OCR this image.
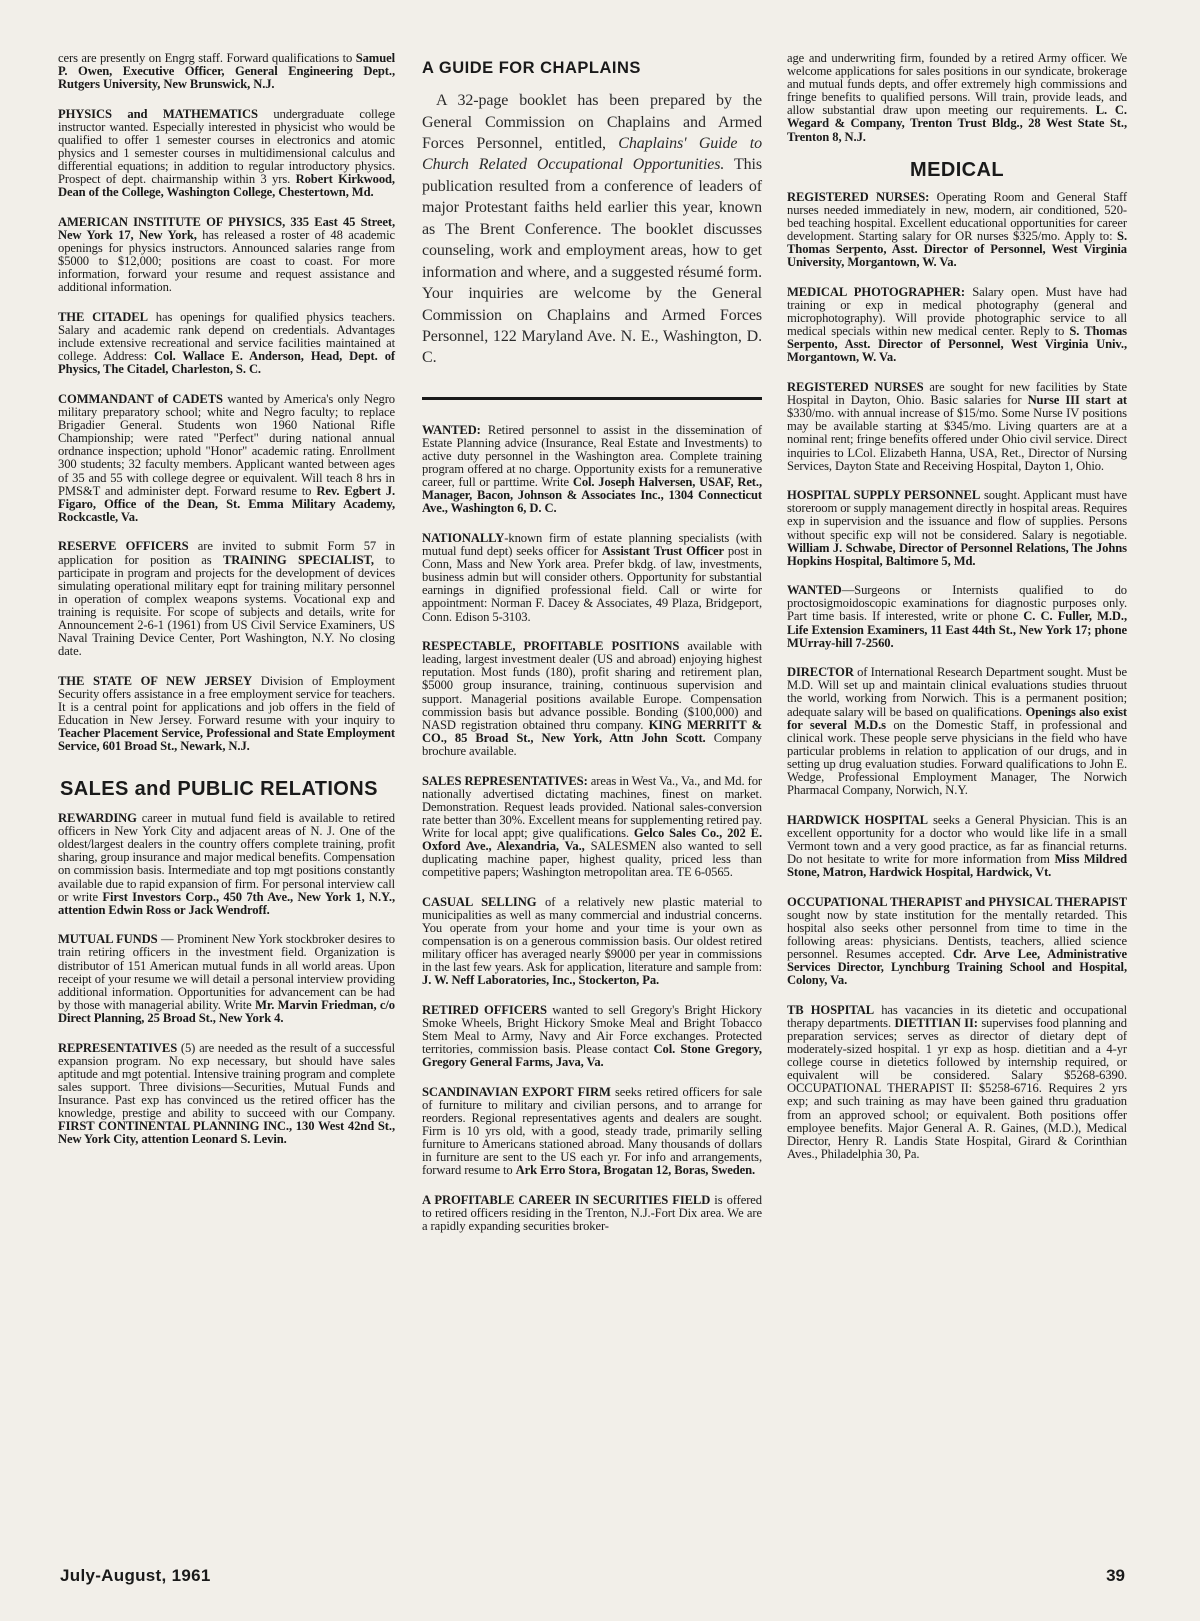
cers are presently on Engrg staff. Forward qualifications to Samuel P. Owen, Executive Officer, General Engineering Dept., Rutgers University, New Brunswick, N.J.

PHYSICS and MATHEMATICS undergraduate college instructor wanted. Especially interested in physicist who would be qualified to offer 1 semester courses in electronics and atomic physics and 1 semester courses in multidimensional calculus and differential equations; in addition to regular introductory physics. Prospect of dept. chairmanship within 3 yrs. Robert Kirkwood, Dean of the College, Washington College, Chestertown, Md.

AMERICAN INSTITUTE OF PHYSICS, 335 East 45 Street, New York 17, New York, has released a roster of 48 academic openings for physics instructors. Announced salaries range from $5000 to $12,000; positions are coast to coast. For more information, forward your resume and request assistance and additional information.

THE CITADEL has openings for qualified physics teachers. Salary and academic rank depend on credentials. Advantages include extensive recreational and service facilities maintained at college. Address: Col. Wallace E. Anderson, Head, Dept. of Physics, The Citadel, Charleston, S. C.

COMMANDANT of CADETS wanted by America's only Negro military preparatory school; white and Negro faculty; to replace Brigadier General. Students won 1960 National Rifle Championship; were rated "Perfect" during national annual ordnance inspection; uphold "Honor" academic rating. Enrollment 300 students; 32 faculty members. Applicant wanted between ages of 35 and 55 with college degree or equivalent. Will teach 8 hrs in PMS&T and administer dept. Forward resume to Rev. Egbert J. Figaro, Office of the Dean, St. Emma Military Academy, Rockcastle, Va.

RESERVE OFFICERS are invited to submit Form 57 in application for position as TRAINING SPECIALIST, to participate in program and projects for the development of devices simulating operational military eqpt for training military personnel in operation of complex weapons systems. Vocational exp and training is requisite. For scope of subjects and details, write for Announcement 2-6-1 (1961) from US Civil Service Examiners, US Naval Training Device Center, Port Washington, N.Y. No closing date.

THE STATE OF NEW JERSEY Division of Employment Security offers assistance in a free employment service for teachers. It is a central point for applications and job offers in the field of Education in New Jersey. Forward resume with your inquiry to Teacher Placement Service, Professional and State Employment Service, 601 Broad St., Newark, N.J.

SALES and PUBLIC RELATIONS

REWARDING career in mutual fund field is available to retired officers in New York City and adjacent areas of N. J. One of the oldest/largest dealers in the country offers complete training, profit sharing, group insurance and major medical benefits. Compensation on commission basis. Intermediate and top mgt positions constantly available due to rapid expansion of firm. For personal interview call or write First Investors Corp., 450 7th Ave., New York 1, N.Y., attention Edwin Ross or Jack Wendroff.

MUTUAL FUNDS — Prominent New York stockbroker desires to train retiring officers in the investment field. Organization is distributor of 151 American mutual funds in all world areas. Upon receipt of your resume we will detail a personal interview providing additional information. Opportunities for advancement can be had by those with managerial ability. Write Mr. Marvin Friedman, c/o Direct Planning, 25 Broad St., New York 4.

REPRESENTATIVES (5) are needed as the result of a successful expansion program. No exp necessary, but should have sales aptitude and mgt potential. Intensive training program and complete sales support. Three divisions—Securities, Mutual Funds and Insurance. Past exp has convinced us the retired officer has the knowledge, prestige and ability to succeed with our Company. FIRST CONTINENTAL PLANNING INC., 130 West 42nd St., New York City, attention Leonard S. Levin.

A GUIDE FOR CHAPLAINS
A 32-page booklet has been prepared by the General Commission on Chaplains and Armed Forces Personnel, entitled, Chaplains' Guide to Church Related Occupational Opportunities. This publication resulted from a conference of leaders of major Protestant faiths held earlier this year, known as The Brent Conference. The booklet discusses counseling, work and employment areas, how to get information and where, and a suggested résumé form. Your inquiries are welcome by the General Commission on Chaplains and Armed Forces Personnel, 122 Maryland Ave. N. E., Washington, D. C.

WANTED: Retired personnel to assist in the dissemination of Estate Planning advice (Insurance, Real Estate and Investments) to active duty personnel in the Washington area. Complete training program offered at no charge. Opportunity exists for a remunerative career, full or parttime. Write Col. Joseph Halversen, USAF, Ret., Manager, Bacon, Johnson & Associates Inc., 1304 Connecticut Ave., Washington 6, D. C.

NATIONALLY-known firm of estate planning specialists (with mutual fund dept) seeks officer for Assistant Trust Officer post in Conn, Mass and New York area. Prefer bkdg. of law, investments, business admin but will consider others. Opportunity for substantial earnings in dignified professional field. Call or wirte for appointment: Norman F. Dacey & Associates, 49 Plaza, Bridgeport, Conn. Edison 5-3103.

RESPECTABLE, PROFITABLE POSITIONS available with leading, largest investment dealer (US and abroad) enjoying highest reputation. Most funds (180), profit sharing and retirement plan, $5000 group insurance, training, continuous supervision and support. Managerial positions available Europe. Compensation commission basis but advance possible. Bonding ($100,000) and NASD registration obtained thru company. KING MERRITT & CO., 85 Broad St., New York, Attn John Scott. Company brochure available.

SALES REPRESENTATIVES: areas in West Va., Va., and Md. for nationally advertised dictating machines, finest on market. Demonstration. Request leads provided. National sales-conversion rate better than 30%. Excellent means for supplementing retired pay. Write for local appt; give qualifications. Gelco Sales Co., 202 E. Oxford Ave., Alexandria, Va., SALESMEN also wanted to sell duplicating machine paper, highest quality, priced less than competitive papers; Washington metropolitan area. TE 6-0565.

CASUAL SELLING of a relatively new plastic material to municipalities as well as many commercial and industrial concerns. You operate from your home and your time is your own as compensation is on a generous commission basis. Our oldest retired military officer has averaged nearly $9000 per year in commissions in the last few years. Ask for application, literature and sample from: J. W. Neff Laboratories, Inc., Stockerton, Pa.

RETIRED OFFICERS wanted to sell Gregory's Bright Hickory Smoke Wheels, Bright Hickory Smoke Meal and Bright Tobacco Stem Meal to Army, Navy and Air Force exchanges. Protected territories, commission basis. Please contact Col. Stone Gregory, Gregory General Farms, Java, Va.

SCANDINAVIAN EXPORT FIRM seeks retired officers for sale of furniture to military and civilian persons, and to arrange for reorders. Regional representatives agents and dealers are sought. Firm is 10 yrs old, with a good, steady trade, primarily selling furniture to Americans stationed abroad. Many thousands of dollars in furniture are sent to the US each yr. For info and arrangements, forward resume to Ark Erro Stora, Brogatan 12, Boras, Sweden.

A PROFITABLE CAREER IN SECURITIES FIELD is offered to retired officers residing in the Trenton, N.J.-Fort Dix area. We are a rapidly expanding securities broker-

age and underwriting firm, founded by a retired Army officer. We welcome applications for sales positions in our syndicate, brokerage and mutual funds depts, and offer extremely high commissions and fringe benefits to qualified persons. Will train, provide leads, and allow substantial draw upon meeting our requirements. L. C. Wegard & Company, Trenton Trust Bldg., 28 West State St., Trenton 8, N.J.

MEDICAL

REGISTERED NURSES: Operating Room and General Staff nurses needed immediately in new, modern, air conditioned, 520-bed teaching hospital. Excellent educational opportunities for career development. Starting salary for OR nurses $325/mo. Apply to: S. Thomas Serpento, Asst. Director of Personnel, West Virginia University, Morgantown, W. Va.

MEDICAL PHOTOGRAPHER: Salary open. Must have had training or exp in medical photography (general and microphotography). Will provide photographic service to all medical specials within new medical center. Reply to S. Thomas Serpento, Asst. Director of Personnel, West Virginia Univ., Morgantown, W. Va.

REGISTERED NURSES are sought for new facilities by State Hospital in Dayton, Ohio. Basic salaries for Nurse III start at $330/mo. with annual increase of $15/mo. Some Nurse IV positions may be available starting at $345/mo. Living quarters are at a nominal rent; fringe benefits offered under Ohio civil service. Direct inquiries to LCol. Elizabeth Hanna, USA, Ret., Director of Nursing Services, Dayton State and Receiving Hospital, Dayton 1, Ohio.

HOSPITAL SUPPLY PERSONNEL sought. Applicant must have storeroom or supply management directly in hospital areas. Requires exp in supervision and the issuance and flow of supplies. Persons without specific exp will not be considered. Salary is negotiable. William J. Schwabe, Director of Personnel Relations, The Johns Hopkins Hospital, Baltimore 5, Md.

WANTED—Surgeons or Internists qualified to do proctosigmoidoscopic examinations for diagnostic purposes only. Part time basis. If interested, write or phone C. C. Fuller, M.D., Life Extension Examiners, 11 East 44th St., New York 17; phone MUrray-hill 7-2560.

DIRECTOR of International Research Department sought. Must be M.D. Will set up and maintain clinical evaluations studies thruout the world, working from Norwich. This is a permanent position; adequate salary will be based on qualifications. Openings also exist for several M.D.s on the Domestic Staff, in professional and clinical work. These people serve physicians in the field who have particular problems in relation to application of our drugs, and in setting up drug evaluation studies. Forward qualifications to John E. Wedge, Professional Employment Manager, The Norwich Pharmacal Company, Norwich, N.Y.

HARDWICK HOSPITAL seeks a General Physician. This is an excellent opportunity for a doctor who would like life in a small Vermont town and a very good practice, as far as financial returns. Do not hesitate to write for more information from Miss Mildred Stone, Matron, Hardwick Hospital, Hardwick, Vt.

OCCUPATIONAL THERAPIST and PHYSICAL THERAPIST sought now by state institution for the mentally retarded. This hospital also seeks other personnel from time to time in the following areas: physicians. Dentists, teachers, allied science personnel. Resumes accepted. Cdr. Arve Lee, Administrative Services Director, Lynchburg Training School and Hospital, Colony, Va.

TB HOSPITAL has vacancies in its dietetic and occupational therapy departments. DIETITIAN II: supervises food planning and preparation services; serves as director of dietary dept of moderately-sized hospital. 1 yr exp as hosp. dietitian and a 4-yr college course in dietetics followed by internship required, or equivalent will be considered. Salary $5268-6390. OCCUPATIONAL THERAPIST II: $5258-6716. Requires 2 yrs exp; and such training as may have been gained thru graduation from an approved school; or equivalent. Both positions offer employee benefits. Major General A. R. Gaines, (M.D.), Medical Director, Henry R. Landis State Hospital, Girard & Corinthian Aves., Philadelphia 30, Pa.

July-August, 1961	39
